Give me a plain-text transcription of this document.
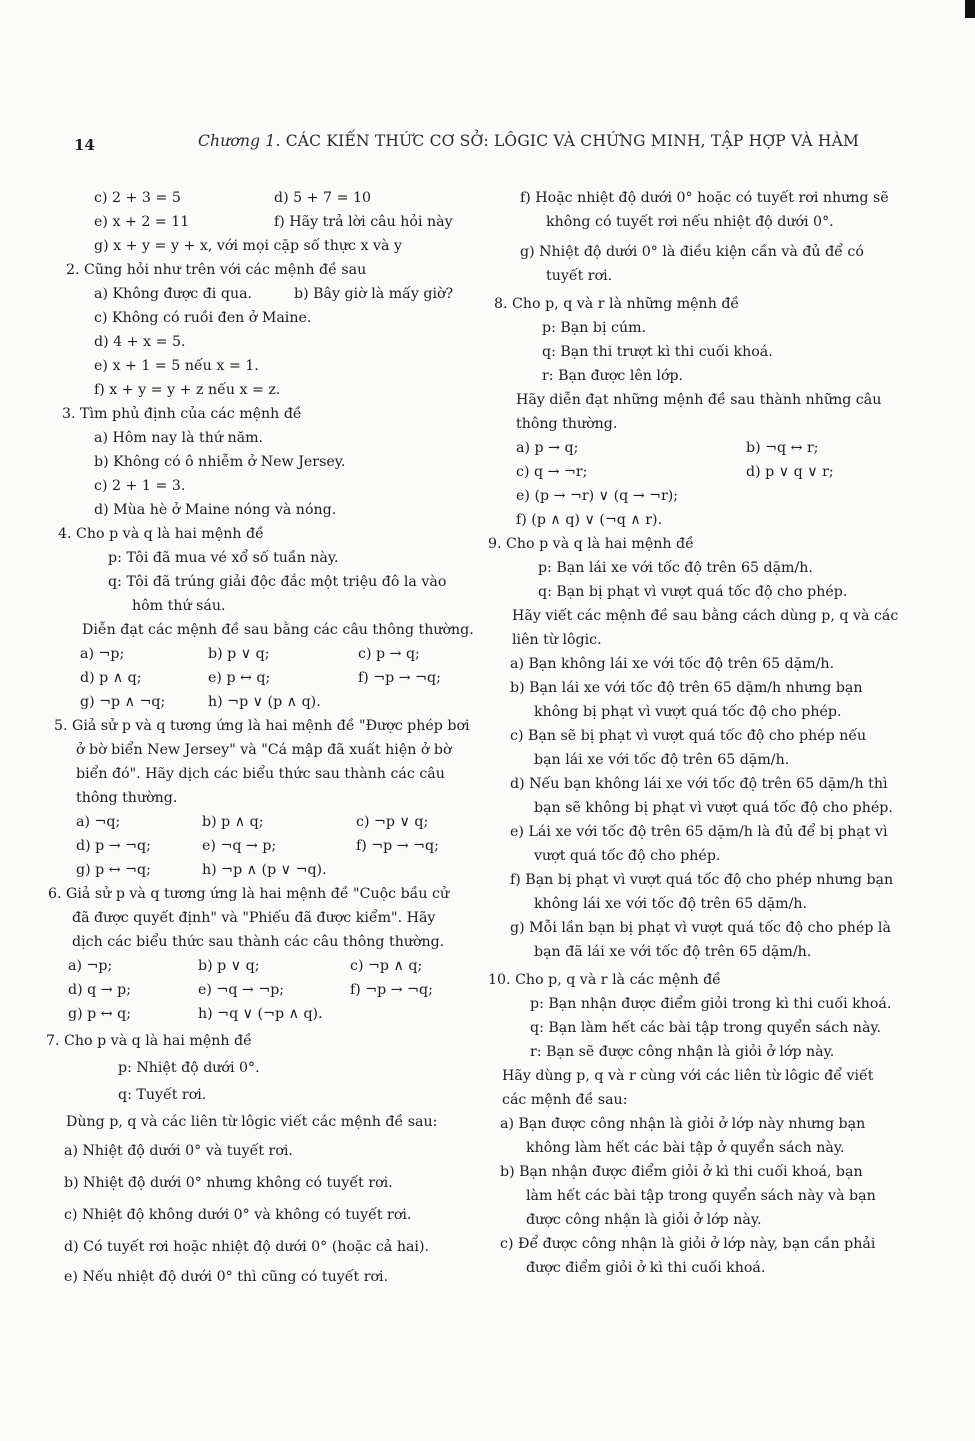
14	Chương 1. CÁC KIẾN THỨC CƠ SỞ: LÔGIC VÀ CHỨNG MINH, TẬP HỢP VÀ HÀM
c) 2 + 3 = 5	d) 5 + 7 = 10
e) x + 2 = 11	f) Hãy trả lời câu hỏi này
g) x + y = y + x, với mọi cặp số thực x và y
2. Cũng hỏi như trên với các mệnh đề sau
a) Không được đi qua.	b) Bây giờ là mấy giờ?
c) Không có ruồi đen ở Maine.
d) 4 + x = 5.
e) x + 1 = 5 nếu x = 1.
f) x + y = y + z nếu x = z.
3. Tìm phủ định của các mệnh đề
a) Hôm nay là thứ năm.
b) Không có ô nhiễm ở New Jersey.
c) 2 + 1 = 3.
d) Mùa hè ở Maine nóng và nóng.
4. Cho p và q là hai mệnh đề
p: Tôi đã mua vé xổ số tuần này.
q: Tôi đã trúng giải độc đắc một triệu đô la vào
hôm thứ sáu.
Diễn đạt các mệnh đề sau bằng các câu thông thường.
a) ¬p;	b) p ∨ q;	c) p → q;
d) p ∧ q;	e) p ↔ q;	f) ¬p → ¬q;
g) ¬p ∧ ¬q;	h) ¬p ∨ (p ∧ q).
5. Giả sử p và q tương ứng là hai mệnh đề "Được phép bơi
ở bờ biển New Jersey" và "Cá mập đã xuất hiện ở bờ
biển đó". Hãy dịch các biểu thức sau thành các câu
thông thường.
a) ¬q;	b) p ∧ q;	c) ¬p ∨ q;
d) p → ¬q;	e) ¬q → p;	f) ¬p → ¬q;
g) p ↔ ¬q;	h) ¬p ∧ (p ∨ ¬q).
6. Giả sử p và q tương ứng là hai mệnh đề "Cuộc bầu cử
đã được quyết định" và "Phiếu đã được kiểm". Hãy
dịch các biểu thức sau thành các câu thông thường.
a) ¬p;	b) p ∨ q;	c) ¬p ∧ q;
d) q → p;	e) ¬q → ¬p;	f) ¬p → ¬q;
g) p ↔ q;	h) ¬q ∨ (¬p ∧ q).
7. Cho p và q là hai mệnh đề
p: Nhiệt độ dưới 0°.
q: Tuyết rơi.
Dùng p, q và các liên từ lôgic viết các mệnh đề sau:
a) Nhiệt độ dưới 0° và tuyết rơi.
b) Nhiệt độ dưới 0° nhưng không có tuyết rơi.
c) Nhiệt độ không dưới 0° và không có tuyết rơi.
d) Có tuyết rơi hoặc nhiệt độ dưới 0° (hoặc cả hai).
e) Nếu nhiệt độ dưới 0° thì cũng có tuyết rơi.
f) Hoặc nhiệt độ dưới 0° hoặc có tuyết rơi nhưng sẽ
không có tuyết rơi nếu nhiệt độ dưới 0°.
g) Nhiệt độ dưới 0° là điều kiện cần và đủ để có
tuyết rơi.
8. Cho p, q và r là những mệnh đề
p: Bạn bị cúm.
q: Bạn thi trượt kì thi cuối khoá.
r: Bạn được lên lớp.
Hãy diễn đạt những mệnh đề sau thành những câu
thông thường.
a) p → q;	b) ¬q ↔ r;
c) q → ¬r;	d) p ∨ q ∨ r;
e) (p → ¬r) ∨ (q → ¬r);
f) (p ∧ q) ∨ (¬q ∧ r).
9. Cho p và q là hai mệnh đề
p: Bạn lái xe với tốc độ trên 65 dặm/h.
q: Bạn bị phạt vì vượt quá tốc độ cho phép.
Hãy viết các mệnh đề sau bằng cách dùng p, q và các
liên từ lôgic.
a) Bạn không lái xe với tốc độ trên 65 dặm/h.
b) Bạn lái xe với tốc độ trên 65 dặm/h nhưng bạn
không bị phạt vì vượt quá tốc độ cho phép.
c) Bạn sẽ bị phạt vì vượt quá tốc độ cho phép nếu
bạn lái xe với tốc độ trên 65 dặm/h.
d) Nếu bạn không lái xe với tốc độ trên 65 dặm/h thì
bạn sẽ không bị phạt vì vượt quá tốc độ cho phép.
e) Lái xe với tốc độ trên 65 dặm/h là đủ để bị phạt vì
vượt quá tốc độ cho phép.
f) Bạn bị phạt vì vượt quá tốc độ cho phép nhưng bạn
không lái xe với tốc độ trên 65 dặm/h.
g) Mỗi lần bạn bị phạt vì vượt quá tốc độ cho phép là
bạn đã lái xe với tốc độ trên 65 dặm/h.
10. Cho p, q và r là các mệnh đề
p: Bạn nhận được điểm giỏi trong kì thi cuối khoá.
q: Bạn làm hết các bài tập trong quyển sách này.
r: Bạn sẽ được công nhận là giỏi ở lớp này.
Hãy dùng p, q và r cùng với các liên từ lôgic để viết
các mệnh đề sau:
a) Bạn được công nhận là giỏi ở lớp này nhưng bạn
không làm hết các bài tập ở quyển sách này.
b) Bạn nhận được điểm giỏi ở kì thi cuối khoá, bạn
làm hết các bài tập trong quyển sách này và bạn
được công nhận là giỏi ở lớp này.
c) Để được công nhận là giỏi ở lớp này, bạn cần phải
được điểm giỏi ở kì thi cuối khoá.
